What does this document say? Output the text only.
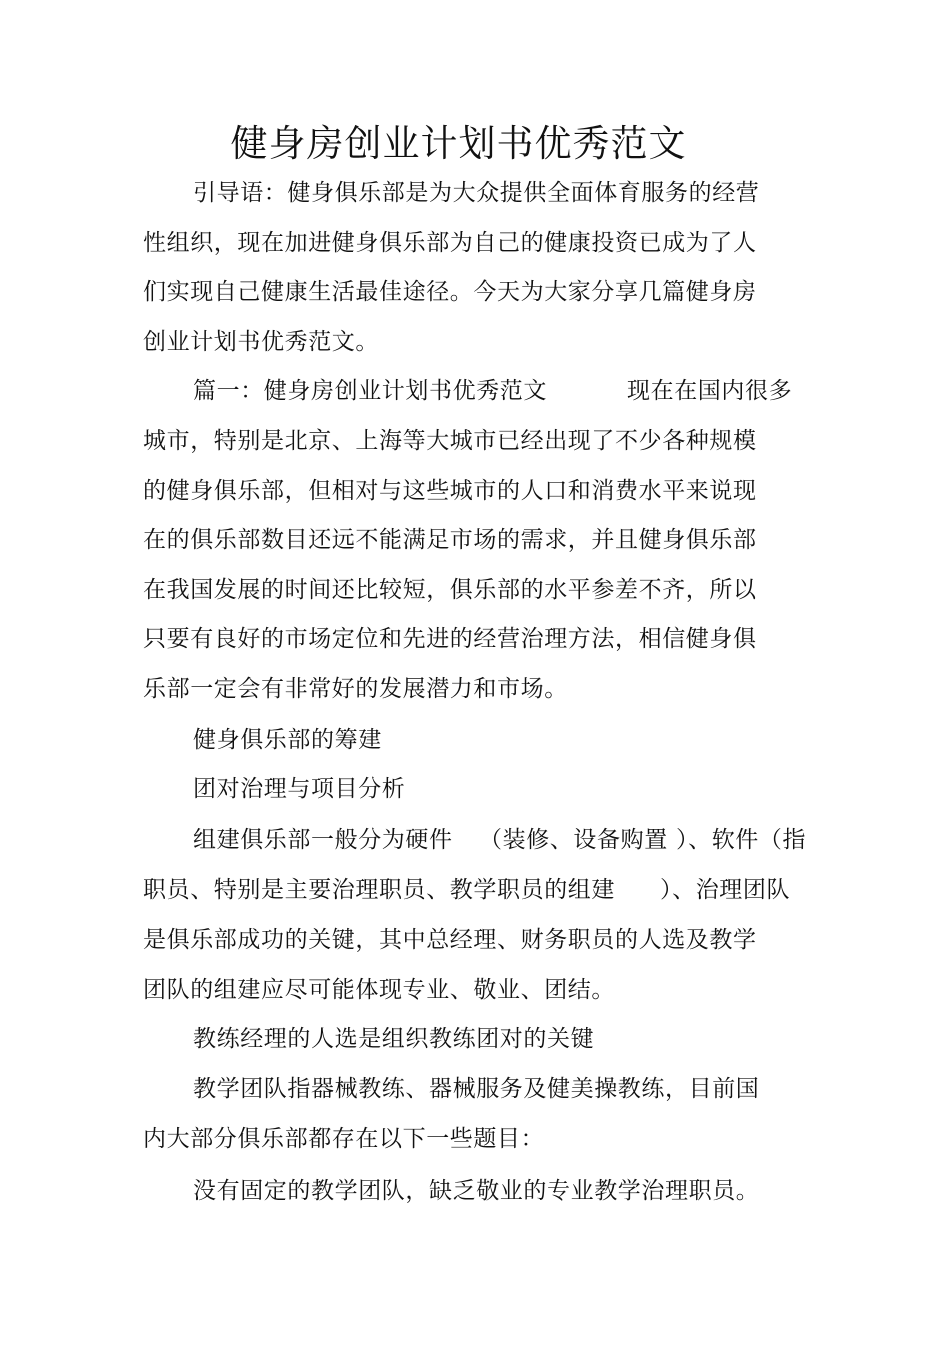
健身房创业计划书优秀范文
引导语：健身俱乐部是为大众提供全面体育服务的经营
性组织，现在加进健身俱乐部为自己的健康投资已成为了人
们实现自己健康生活最佳途径。今天为大家分享几篇健身房
创业计划书优秀范文。
篇一：健身房创业计划书优秀范文	现在在国内很多
城市，特别是北京、上海等大城市已经出现了不少各种规模
的健身俱乐部，但相对与这些城市的人口和消费水平来说现
在的俱乐部数目还远不能满足市场的需求，并且健身俱乐部
在我国发展的时间还比较短，俱乐部的水平参差不齐，所以
只要有良好的市场定位和先进的经营治理方法，相信健身俱
乐部一定会有非常好的发展潜力和市场。
健身俱乐部的筹建
团对治理与项目分析
组建俱乐部一般分为硬件 （装修、设备购置 ）、软件（指
职员、特别是主要治理职员、教学职员的组建 ）、治理团队
是俱乐部成功的关键，其中总经理、财务职员的人选及教学
团队的组建应尽可能体现专业、敬业、团结。
教练经理的人选是组织教练团对的关键
教学团队指器械教练、器械服务及健美操教练，目前国
内大部分俱乐部都存在以下一些题目：
没有固定的教学团队，缺乏敬业的专业教学治理职员。
